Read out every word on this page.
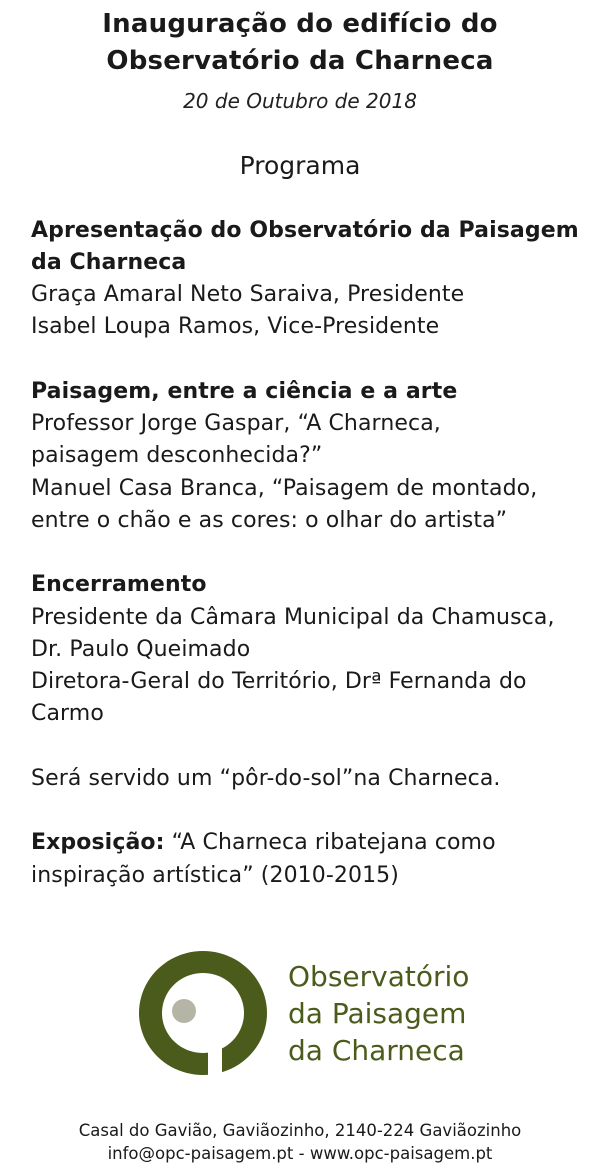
Inauguração do edifício do
Observatório da Charneca
20 de Outubro de 2018
Programa
Apresentação do Observatório da Paisagem
da Charneca
Graça Amaral Neto Saraiva, Presidente
Isabel Loupa Ramos, Vice-Presidente
Paisagem, entre a ciência e a arte
Professor Jorge Gaspar, “A Charneca,
paisagem desconhecida?”
Manuel Casa Branca, “Paisagem de montado,
entre o chão e as cores: o olhar do artista”
Encerramento
Presidente da Câmara Municipal da Chamusca,
Dr. Paulo Queimado
Diretora-Geral do Território, Drª Fernanda do
Carmo
Será servido um “pôr-do-sol”na Charneca.
Exposição: “A Charneca ribatejana como
inspiração artística” (2010-2015)
Observatório
da Paisagem
da Charneca
Casal do Gavião, Gaviãozinho, 2140-224 Gaviãozinho
info@opc-paisagem.pt - www.opc-paisagem.pt
